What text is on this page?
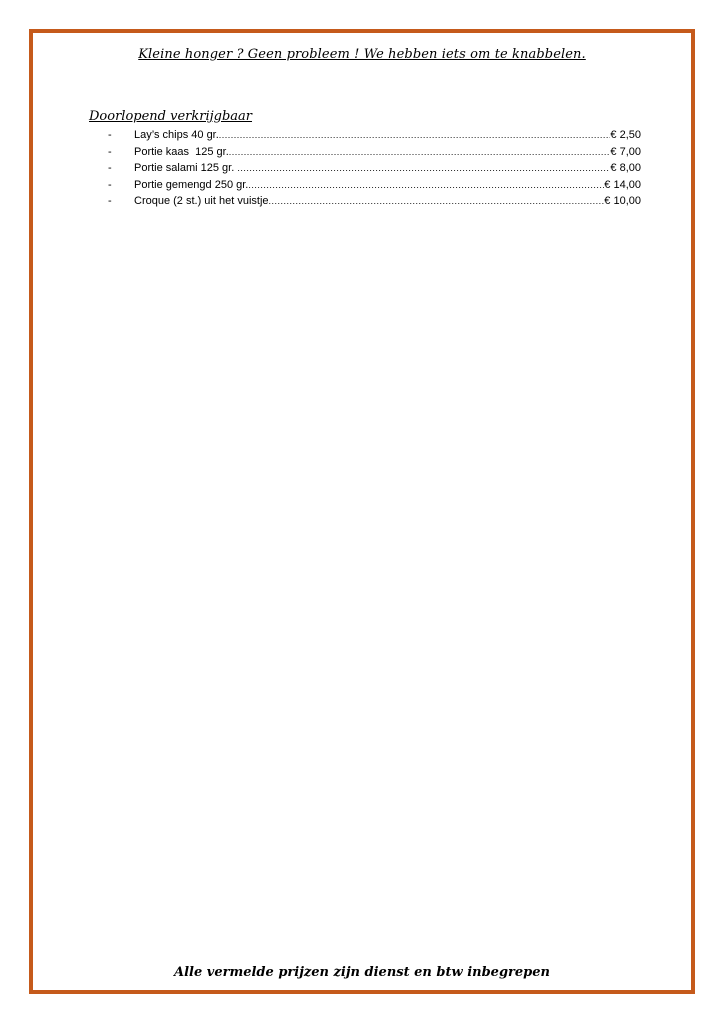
Kleine honger ? Geen probleem ! We hebben iets om te knabbelen.
Doorlopend verkrijgbaar
-	Lay’s chips 40 gr. .....	€ 2,50
-	Portie kaas  125 gr. .....	€ 7,00
-	Portie salami 125 gr. .....	€ 8,00
-	Portie gemengd 250 gr. .....	€ 14,00
-	Croque (2 st.) uit het vuistje .....	€ 10,00
Alle vermelde prijzen zijn dienst en btw inbegrepen
